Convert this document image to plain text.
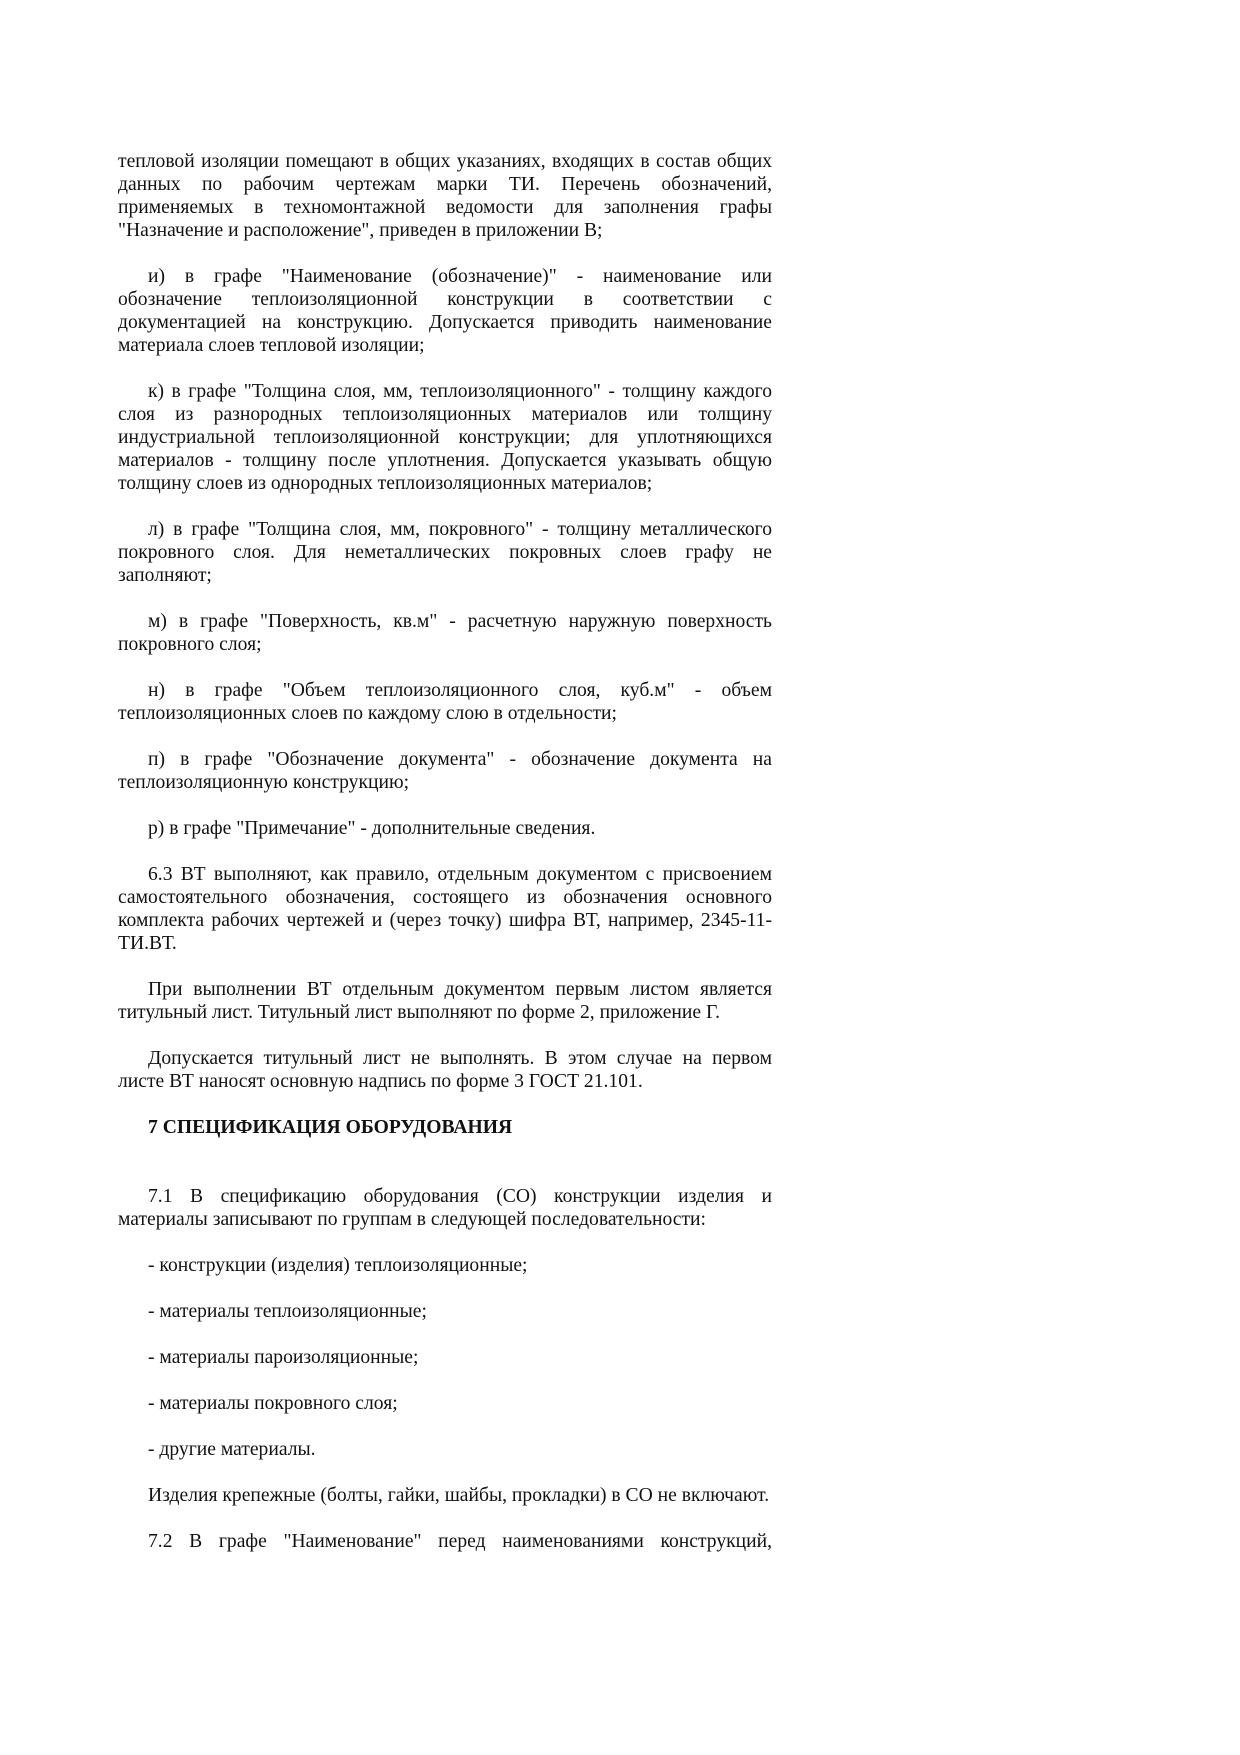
тепловой изоляции помещают в общих указаниях, входящих в состав общих данных по рабочим чертежам марки ТИ. Перечень обозначений, применяемых в техномонтажной ведомости для заполнения графы "Назначение и расположение", приведен в приложении В;

и) в графе "Наименование (обозначение)" - наименование или обозначение теплоизоляционной конструкции в соответствии с документацией на конструкцию. Допускается приводить наименование материала слоев тепловой изоляции;

к) в графе "Толщина слоя, мм, теплоизоляционного" - толщину каждого слоя из разнородных теплоизоляционных материалов или толщину индустриальной теплоизоляционной конструкции; для уплотняющихся материалов - толщину после уплотнения. Допускается указывать общую толщину слоев из однородных теплоизоляционных материалов;

л) в графе "Толщина слоя, мм, покровного" - толщину металлического покровного слоя. Для неметаллических покровных слоев графу не заполняют;

м) в графе "Поверхность, кв.м" - расчетную наружную поверхность покровного слоя;

н) в графе "Объем теплоизоляционного слоя, куб.м" - объем теплоизоляционных слоев по каждому слою в отдельности;

п) в графе "Обозначение документа" - обозначение документа на теплоизоляционную конструкцию;

р) в графе "Примечание" - дополнительные сведения.

6.3 ВТ выполняют, как правило, отдельным документом с присвоением самостоятельного обозначения, состоящего из обозначения основного комплекта рабочих чертежей и (через точку) шифра ВТ, например, 2345-11-ТИ.ВТ.

При выполнении ВТ отдельным документом первым листом является титульный лист. Титульный лист выполняют по форме 2, приложение Г.

Допускается титульный лист не выполнять. В этом случае на первом листе ВТ наносят основную надпись по форме 3 ГОСТ 21.101.

7 СПЕЦИФИКАЦИЯ ОБОРУДОВАНИЯ

7.1 В спецификацию оборудования (СО) конструкции изделия и материалы записывают по группам в следующей последовательности:

- конструкции (изделия) теплоизоляционные;

- материалы теплоизоляционные;

- материалы пароизоляционные;

- материалы покровного слоя;

- другие материалы.

Изделия крепежные (болты, гайки, шайбы, прокладки) в СО не включают.

7.2 В графе "Наименование" перед наименованиями конструкций,
